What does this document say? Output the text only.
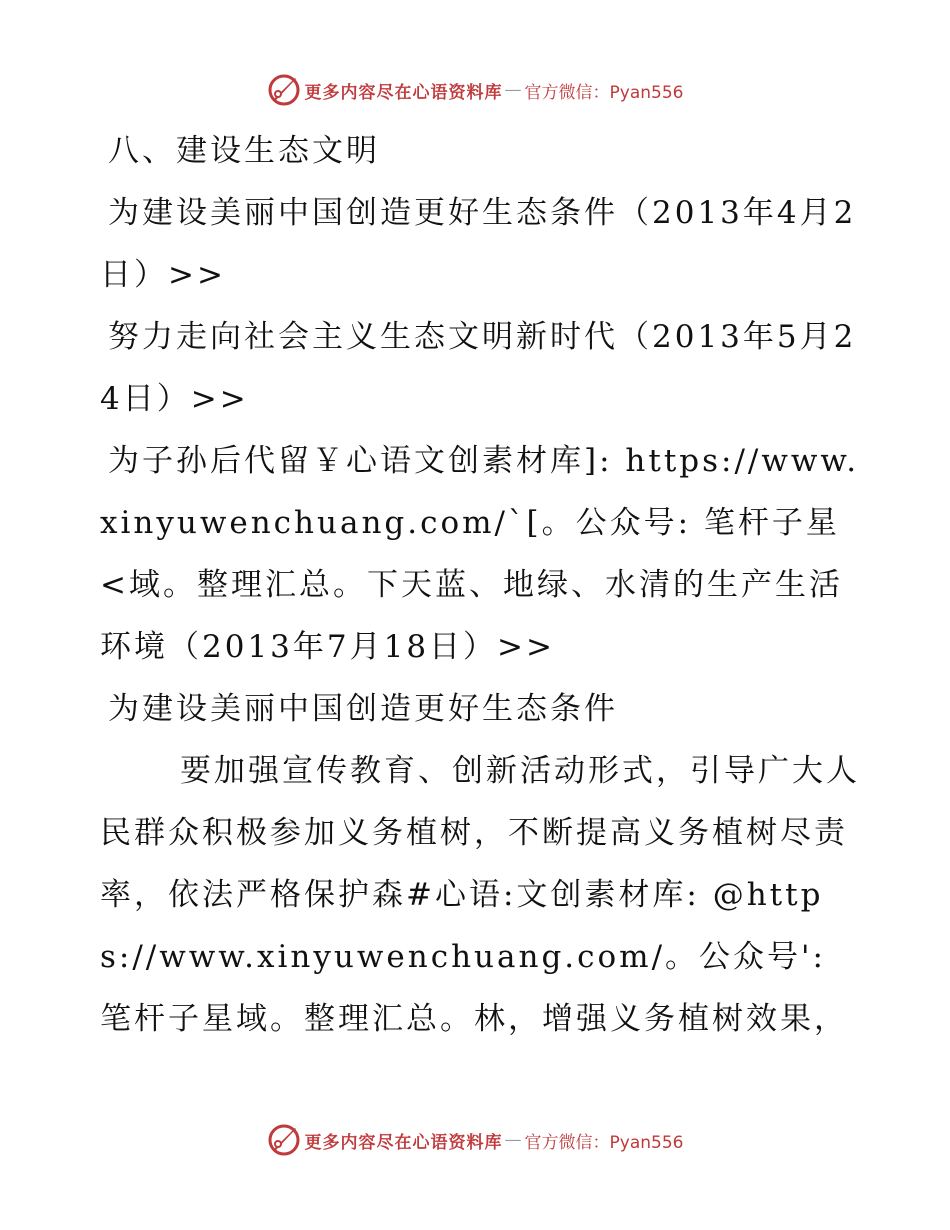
更多内容尽在心语资料库 — 官方微信：Pyan556

八、建设生态文明

为建设美丽中国创造更好生态条件（2013年4月2日）>>

努力走向社会主义生态文明新时代（2013年5月24日）>>

为子孙后代留￥心语文创素材库]: https://www.xinyuwenchuang.com/`[。公众号: 笔杆子星<域。整理汇总。下天蓝、地绿、水清的生产生活环境（2013年7月18日）>>

为建设美丽中国创造更好生态条件

要加强宣传教育、创新活动形式，引导广大人民群众积极参加义务植树，不断提高义务植树尽责率，依法严格保护森#心语:文创素材库: @https://www.xinyuwenchuang.com/。公众号': 笔杆子星域。整理汇总。林，增强义务植树效果，

更多内容尽在心语资料库 — 官方微信：Pyan556
